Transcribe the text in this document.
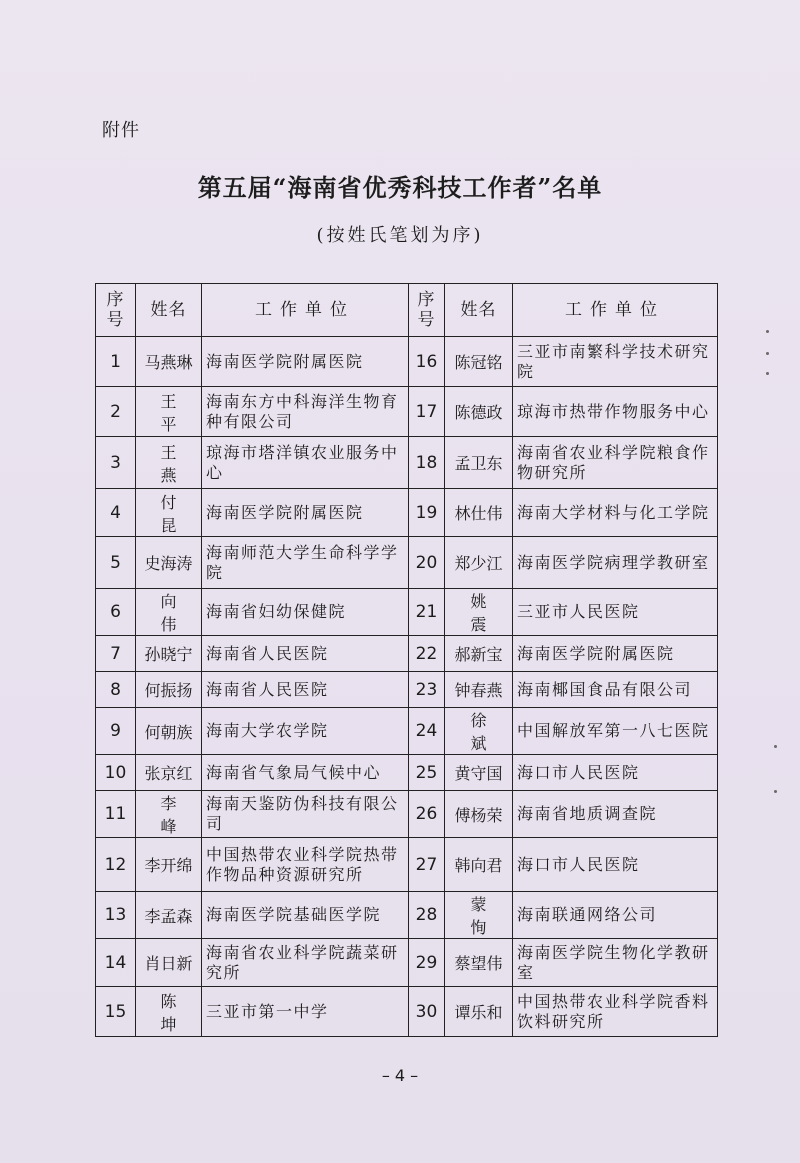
附件
第五届“海南省优秀科技工作者”名单
(按姓氏笔划为序)
序号	姓名	工作单位	序号	姓名	工作单位
1	马燕琳	海南医学院附属医院	16	陈冠铭	三亚市南繁科学技术研究院
2	王平	海南东方中科海洋生物育种有限公司	17	陈德政	琼海市热带作物服务中心
3	王燕	琼海市塔洋镇农业服务中心	18	孟卫东	海南省农业科学院粮食作物研究所
4	付昆	海南医学院附属医院	19	林仕伟	海南大学材料与化工学院
5	史海涛	海南师范大学生命科学学院	20	郑少江	海南医学院病理学教研室
6	向伟	海南省妇幼保健院	21	姚震	三亚市人民医院
7	孙晓宁	海南省人民医院	22	郝新宝	海南医学院附属医院
8	何振扬	海南省人民医院	23	钟春燕	海南椰国食品有限公司
9	何朝族	海南大学农学院	24	徐斌	中国解放军第一八七医院
10	张京红	海南省气象局气候中心	25	黄守国	海口市人民医院
11	李峰	海南天鉴防伪科技有限公司	26	傅杨荣	海南省地质调查院
12	李开绵	中国热带农业科学院热带作物品种资源研究所	27	韩向君	海口市人民医院
13	李孟森	海南医学院基础医学院	28	蒙恂	海南联通网络公司
14	肖日新	海南省农业科学院蔬菜研究所	29	蔡望伟	海南医学院生物化学教研室
15	陈坤	三亚市第一中学	30	谭乐和	中国热带农业科学院香料饮料研究所
– 4 –
